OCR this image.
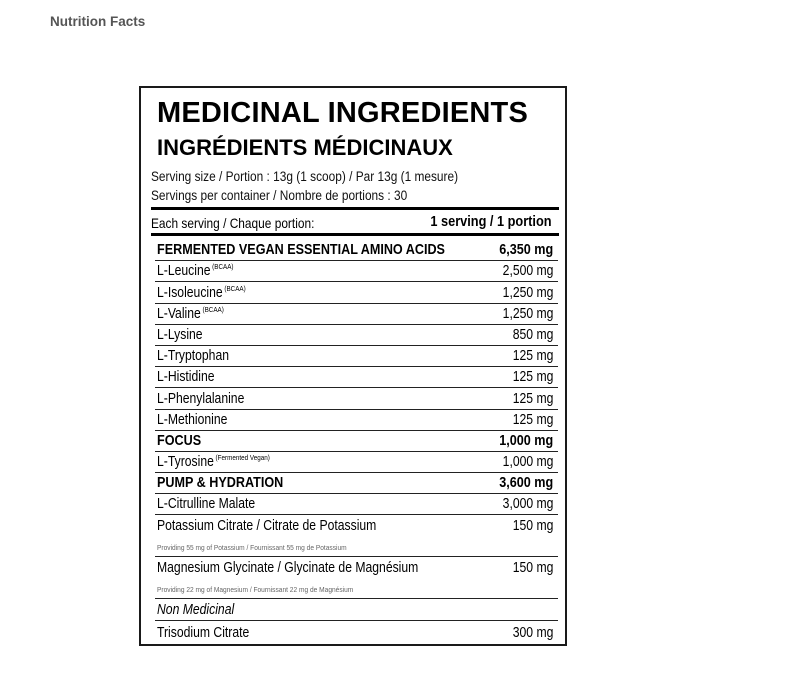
Nutrition Facts
MEDICINAL INGREDIENTS
INGRÉDIENTS MÉDICINAUX
Serving size / Portion : 13g (1 scoop) / Par 13g (1 mesure)
Servings per container / Nombre de portions : 30
Each serving / Chaque portion:	1 serving / 1 portion
FERMENTED VEGAN ESSENTIAL AMINO ACIDS	6,350 mg
L-Leucine $^{(BCAA)}$	2,500 mg
L-Isoleucine $^{(BCAA)}$	1,250 mg
L-Valine $^{(BCAA)}$	1,250 mg
L-Lysine	850 mg
L-Tryptophan	125 mg
L-Histidine	125 mg
L-Phenylalanine	125 mg
L-Methionine	125 mg
FOCUS	1,000 mg
L-Tyrosine $^{(Fermented Vegan)}$	1,000 mg
PUMP & HYDRATION	3,600 mg
L-Citrulline Malate	3,000 mg
Potassium Citrate / Citrate de Potassium	150 mg
Providing 55 mg of Potassium / Fournissant 55 mg de Potassium
Magnesium Glycinate / Glycinate de Magnésium	150 mg
Providing 22 mg of Magnesium / Fournissant 22 mg de Magnésium
Non Medicinal
Trisodium Citrate	300 mg
